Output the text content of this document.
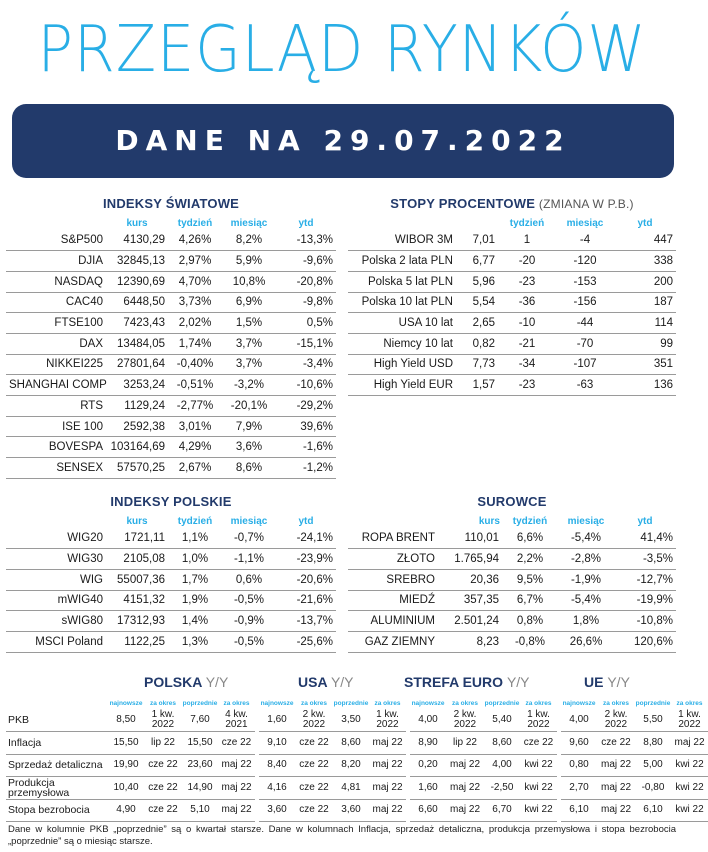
PRZEGLĄD RYNKÓW
DANE NA 29.07.2022
INDEKSY ŚWIATOWE
	kurs	tydzień	miesiąc	ytd
S&P500	4130,29	4,26%	8,2%	-13,3%
DJIA	32845,13	2,97%	5,9%	-9,6%
NASDAQ	12390,69	4,70%	10,8%	-20,8%
CAC40	6448,50	3,73%	6,9%	-9,8%
FTSE100	7423,43	2,02%	1,5%	0,5%
DAX	13484,05	1,74%	3,7%	-15,1%
NIKKEI225	27801,64	-0,40%	3,7%	-3,4%
SHANGHAI COMP	3253,24	-0,51%	-3,2%	-10,6%
RTS	1129,24	-2,77%	-20,1%	-29,2%
ISE 100	2592,38	3,01%	7,9%	39,6%
BOVESPA	103164,69	4,29%	3,6%	-1,6%
SENSEX	57570,25	2,67%	8,6%	-1,2%
STOPY PROCENTOWE (ZMIANA W P.B.)
		tydzień	miesiąc	ytd
WIBOR 3M	7,01	1	-4	447
Polska 2 lata PLN	6,77	-20	-120	338
Polska 5 lat PLN	5,96	-23	-153	200
Polska 10 lat PLN	5,54	-36	-156	187
USA 10 lat	2,65	-10	-44	114
Niemcy 10 lat	0,82	-21	-70	99
High Yield USD	7,73	-34	-107	351
High Yield EUR	1,57	-23	-63	136
INDEKSY POLSKIE
	kurs	tydzień	miesiąc	ytd
WIG20	1721,11	1,1%	-0,7%	-24,1%
WIG30	2105,08	1,0%	-1,1%	-23,9%
WIG	55007,36	1,7%	0,6%	-20,6%
mWIG40	4151,32	1,9%	-0,5%	-21,6%
sWIG80	17312,93	1,4%	-0,9%	-13,7%
MSCI Poland	1122,25	1,3%	-0,5%	-25,6%
SUROWCE
	kurs	tydzień	miesiąc	ytd
ROPA BRENT	110,01	6,6%	-5,4%	41,4%
ZŁOTO	1.765,94	2,2%	-2,8%	-3,5%
SREBRO	20,36	9,5%	-1,9%	-12,7%
MIEDŹ	357,35	6,7%	-5,4%	-19,9%
ALUMINIUM	2.501,24	0,8%	1,8%	-10,8%
GAZ ZIEMNY	8,23	-0,8%	26,6%	120,6%
POLSKA Y/Y	USA Y/Y	STREFA EURO Y/Y	UE Y/Y
	najnowsze	za okres	poprzednie	za okres		najnowsze	za okres	poprzednie	za okres		najnowsze	za okres	poprzednie	za okres		najnowsze	za okres	poprzednie	za okres
PKB	8,50	1 kw. 2022	7,60	4 kw. 2021		1,60	2 kw. 2022	3,50	1 kw. 2022		4,00	2 kw. 2022	5,40	1 kw. 2022		4,00	2 kw. 2022	5,50	1 kw. 2022
Inflacja	15,50	lip 22	15,50	cze 22		9,10	cze 22	8,60	maj 22		8,90	lip 22	8,60	cze 22		9,60	cze 22	8,80	maj 22
Sprzedaż detaliczna	19,90	cze 22	23,60	maj 22		8,40	cze 22	8,20	maj 22		0,20	maj 22	4,00	kwi 22		0,80	maj 22	5,00	kwi 22
Produkcja przemysłowa	10,40	cze 22	14,90	maj 22		4,16	cze 22	4,81	maj 22		1,60	maj 22	-2,50	kwi 22		2,70	maj 22	-0,80	kwi 22
Stopa bezrobocia	4,90	cze 22	5,10	maj 22		3,60	cze 22	3,60	maj 22		6,60	maj 22	6,70	kwi 22		6,10	maj 22	6,10	kwi 22
Dane w kolumnie PKB „poprzednie” są o kwartał starsze. Dane w kolumnach Inflacja, sprzedaż detaliczna, produkcja przemysłowa i stopa bezrobocia „poprzednie” są o miesiąc starsze.
